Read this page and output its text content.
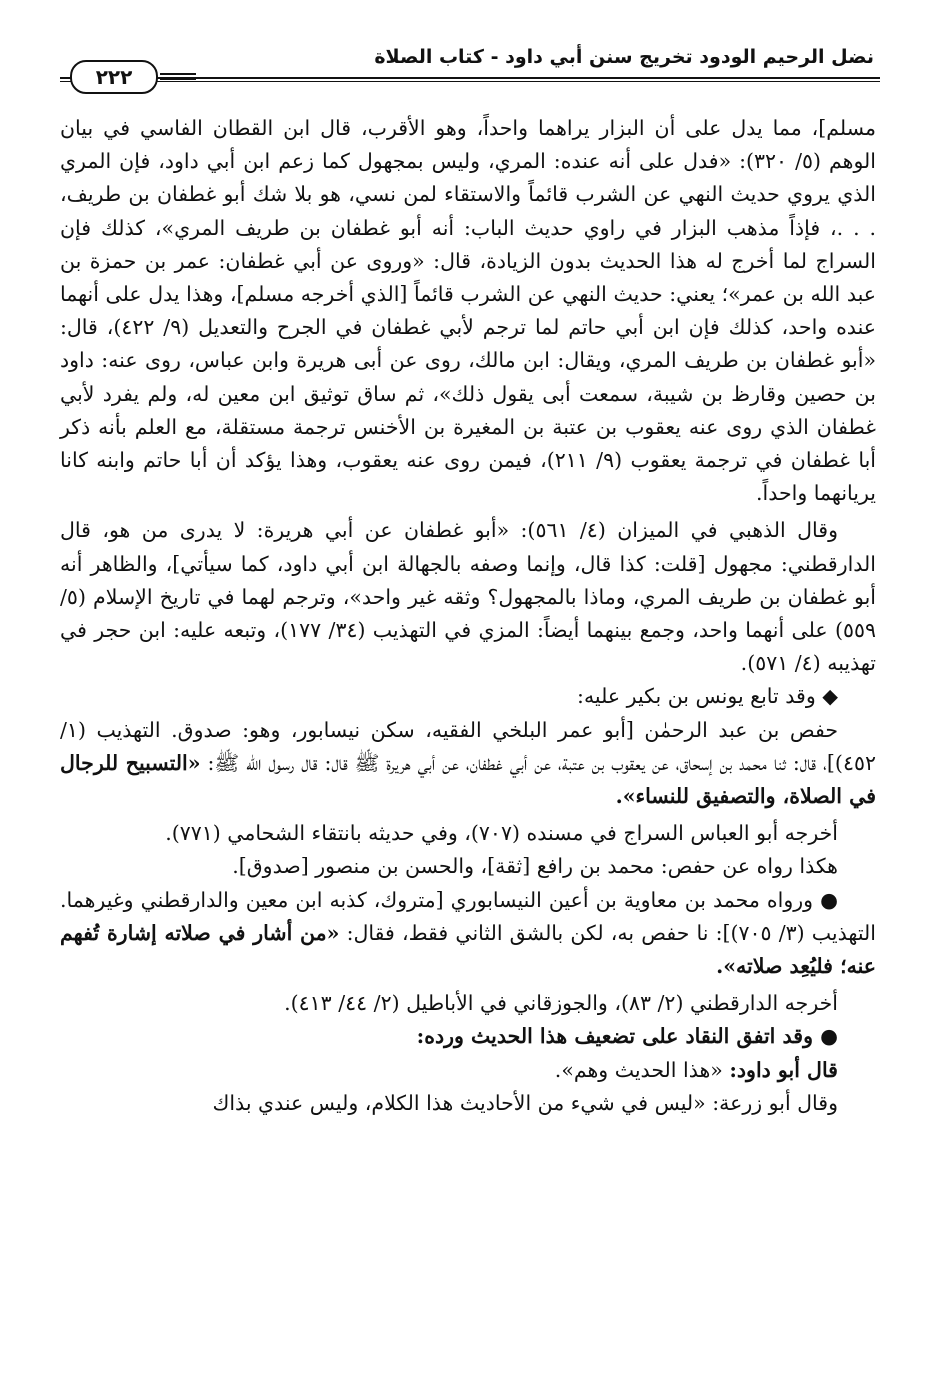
نضل الرحيم الودود تخريج سنن أبي داود - كتاب الصلاة
٢٢٢

مسلم]، مما يدل على أن البزار يراهما واحداً، وهو الأقرب، قال ابن القطان الفاسي في بيان الوهم (٥/ ٣٢٠): «فدل على أنه عنده: المري، وليس بمجهول كما زعم ابن أبي داود، فإن المري الذي يروي حديث النهي عن الشرب قائماً والاستقاء لمن نسي، هو بلا شك أبو غطفان بن طريف، . . .، فإذاً مذهب البزار في راوي حديث الباب: أنه أبو غطفان بن طريف المري»، كذلك فإن السراج لما أخرج له هذا الحديث بدون الزيادة، قال: «وروى عن أبي غطفان: عمر بن حمزة بن عبد الله بن عمر»؛ يعني: حديث النهي عن الشرب قائماً [الذي أخرجه مسلم]، وهذا يدل على أنهما عنده واحد، كذلك فإن ابن أبي حاتم لما ترجم لأبي غطفان في الجرح والتعديل (٩/ ٤٢٢)، قال: «أبو غطفان بن طريف المري، ويقال: ابن مالك، روى عن أبى هريرة وابن عباس، روى عنه: داود بن حصين وقارظ بن شيبة، سمعت أبى يقول ذلك»، ثم ساق توثيق ابن معين له، ولم يفرد لأبي غطفان الذي روى عنه يعقوب بن عتبة بن المغيرة بن الأخنس ترجمة مستقلة، مع العلم بأنه ذكر أبا غطفان في ترجمة يعقوب (٩/ ٢١١)، فيمن روى عنه يعقوب، وهذا يؤكد أن أبا حاتم وابنه كانا يريانهما واحداً.

وقال الذهبي في الميزان (٤/ ٥٦١): «أبو غطفان عن أبي هريرة: لا يدرى من هو، قال الدارقطني: مجهول [قلت: كذا قال، وإنما وصفه بالجهالة ابن أبي داود، كما سيأتي]، والظاهر أنه أبو غطفان بن طريف المري، وماذا بالمجهول؟ وثقه غير واحد»، وترجم لهما في تاريخ الإسلام (٥/ ٥٥٩) على أنهما واحد، وجمع بينهما أيضاً: المزي في التهذيب (٣٤/ ١٧٧)، وتبعه عليه: ابن حجر في تهذيبه (٤/ ٥٧١).

◆ وقد تابع يونس بن بكير عليه:

حفص بن عبد الرحمٰن [أبو عمر البلخي الفقيه، سكن نيسابور، وهو: صدوق. التهذيب (١/ ٤٥٢)]، قال: ثنا محمد بن إسحاق، عن يعقوب بن عتبة، عن أبي غطفان، عن أبي هريرة ﷺ قال: قال رسول الله ﷺ: «التسبيح للرجال في الصلاة، والتصفيق للنساء».

أخرجه أبو العباس السراج في مسنده (٧٠٧)، وفي حديثه بانتقاء الشحامي (٧٧١).

هكذا رواه عن حفص: محمد بن رافع [ثقة]، والحسن بن منصور [صدوق].

● ورواه محمد بن معاوية بن أعين النيسابوري [متروك، كذبه ابن معين والدارقطني وغيرهما. التهذيب (٣/ ٧٠٥)]: نا حفص به، لكن بالشق الثاني فقط، فقال: «من أشار في صلاته إشارة تُفهم عنه؛ فليُعِد صلاته».

أخرجه الدارقطني (٢/ ٨٣)، والجوزقاني في الأباطيل (٢/ ٤٤/ ٤١٣).

● وقد اتفق النقاد على تضعيف هذا الحديث ورده:

قال أبو داود: «هذا الحديث وهم».

وقال أبو زرعة: «ليس في شيء من الأحاديث هذا الكلام، وليس عندي بذاك
